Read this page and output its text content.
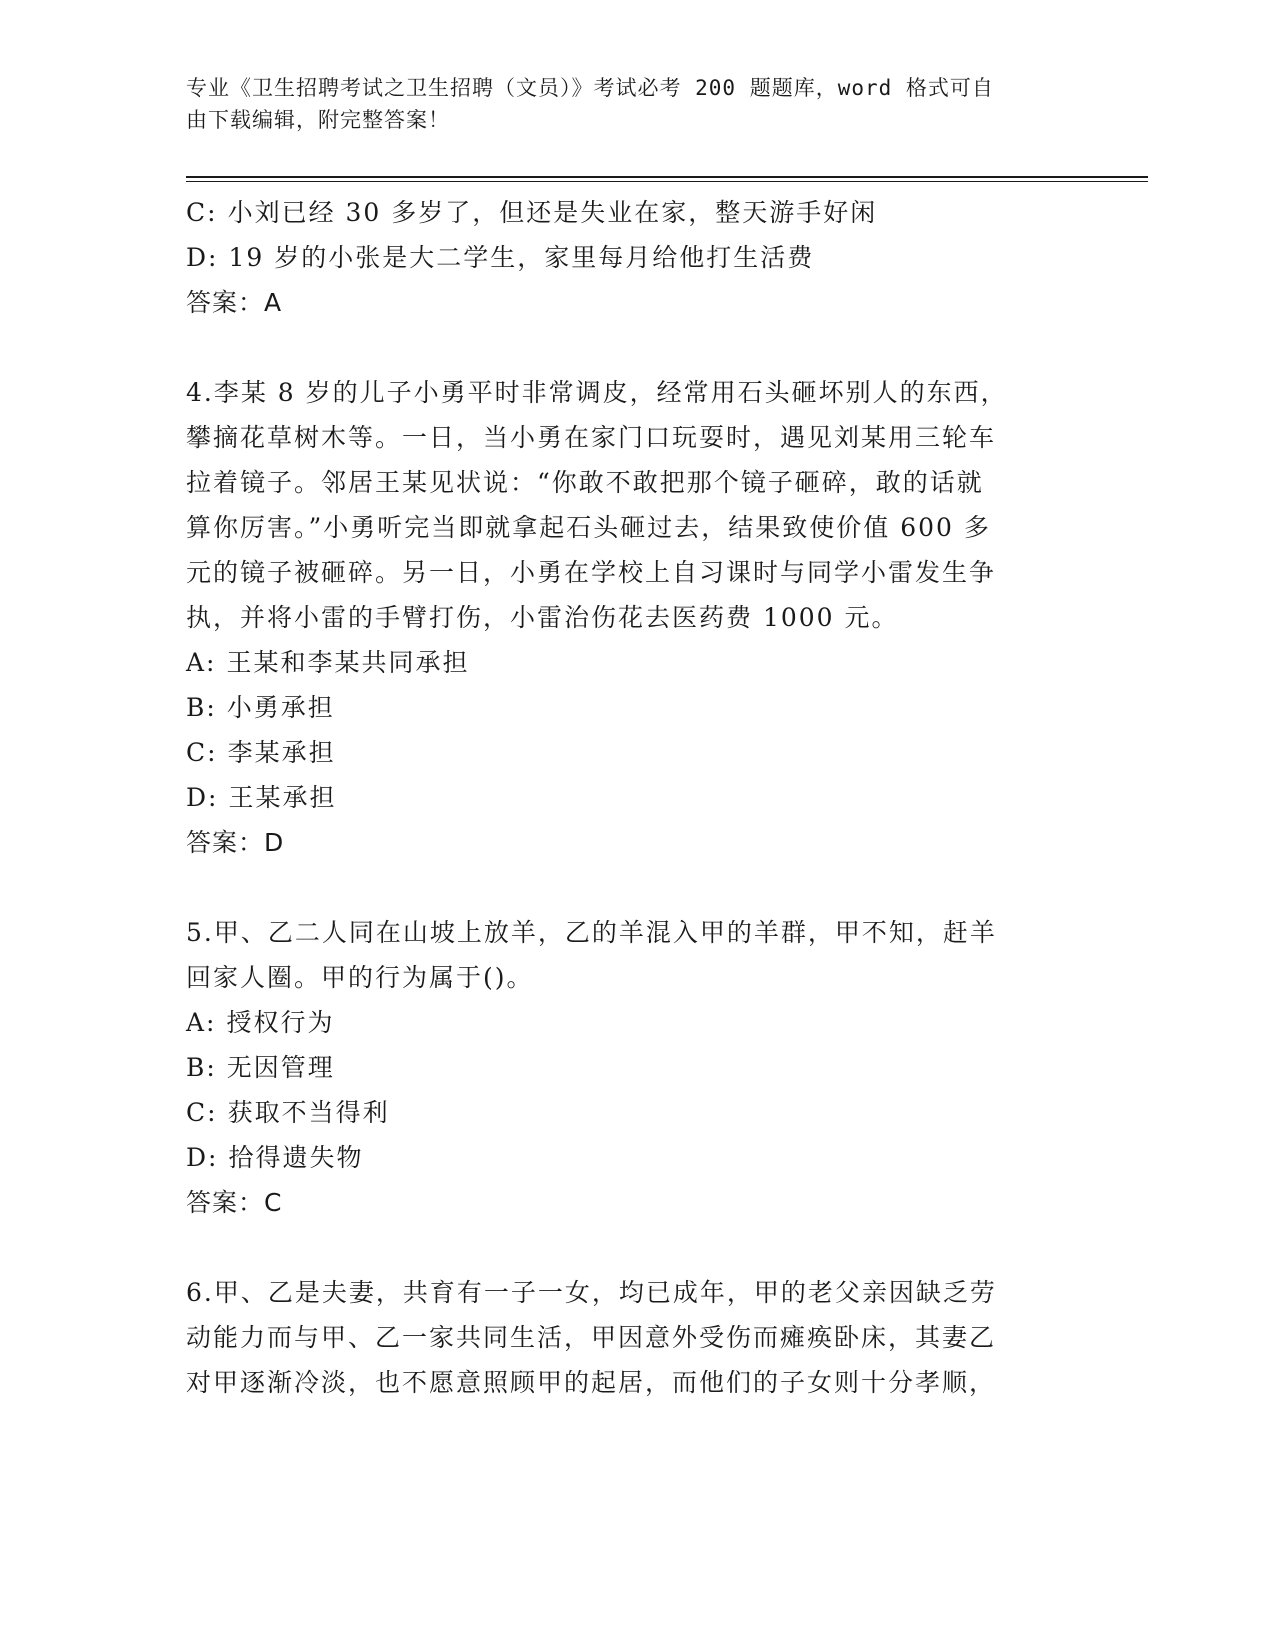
专业《卫生招聘考试之卫生招聘（文员）》考试必考 200 题题库，word 格式可自
由下载编辑，附完整答案！
C: 小刘已经 30 多岁了，但还是失业在家，整天游手好闲
D: 19 岁的小张是大二学生，家里每月给他打生活费
答案：A
4.李某 8 岁的儿子小勇平时非常调皮，经常用石头砸坏别人的东西，
攀摘花草树木等。一日，当小勇在家门口玩耍时，遇见刘某用三轮车
拉着镜子。邻居王某见状说：“你敢不敢把那个镜子砸碎，敢的话就
算你厉害。”小勇听完当即就拿起石头砸过去，结果致使价值 600 多
元的镜子被砸碎。另一日，小勇在学校上自习课时与同学小雷发生争
执，并将小雷的手臂打伤，小雷治伤花去医药费 1000 元。
A: 王某和李某共同承担
B: 小勇承担
C: 李某承担
D: 王某承担
答案：D
5.甲、乙二人同在山坡上放羊，乙的羊混入甲的羊群，甲不知，赶羊
回家人圈。甲的行为属于()。
A: 授权行为
B: 无因管理
C: 获取不当得利
D: 拾得遗失物
答案：C
6.甲、乙是夫妻，共育有一子一女，均已成年，甲的老父亲因缺乏劳
动能力而与甲、乙一家共同生活，甲因意外受伤而瘫痪卧床，其妻乙
对甲逐渐冷淡，也不愿意照顾甲的起居，而他们的子女则十分孝顺，
